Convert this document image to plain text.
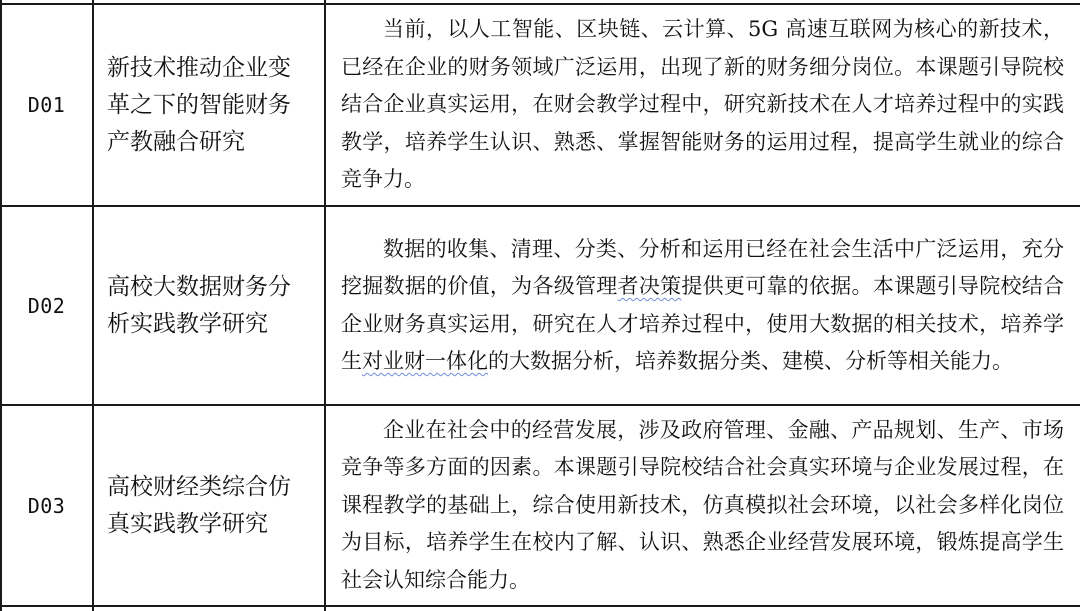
D01
新技术推动企业变革之下的智能财务产教融合研究

当前，以人工智能、区块链、云计算、5G 高速互联网为核心的新技术，已经在企业的财务领域广泛运用，出现了新的财务细分岗位。本课题引导院校结合企业真实运用，在财会教学过程中，研究新技术在人才培养过程中的实践教学，培养学生认识、熟悉、掌握智能财务的运用过程，提高学生就业的综合竞争力。

D02
高校大数据财务分析实践教学研究

数据的收集、清理、分类、分析和运用已经在社会生活中广泛运用，充分挖掘数据的价值，为各级管理者决策提供更可靠的依据。本课题引导院校结合企业财务真实运用，研究在人才培养过程中，使用大数据的相关技术，培养学生对业财一体化的大数据分析，培养数据分类、建模、分析等相关能力。

D03
高校财经类综合仿真实践教学研究

企业在社会中的经营发展，涉及政府管理、金融、产品规划、生产、市场竞争等多方面的因素。本课题引导院校结合社会真实环境与企业发展过程，在课程教学的基础上，综合使用新技术，仿真模拟社会环境，以社会多样化岗位为目标，培养学生在校内了解、认识、熟悉企业经营发展环境，锻炼提高学生社会认知综合能力。
